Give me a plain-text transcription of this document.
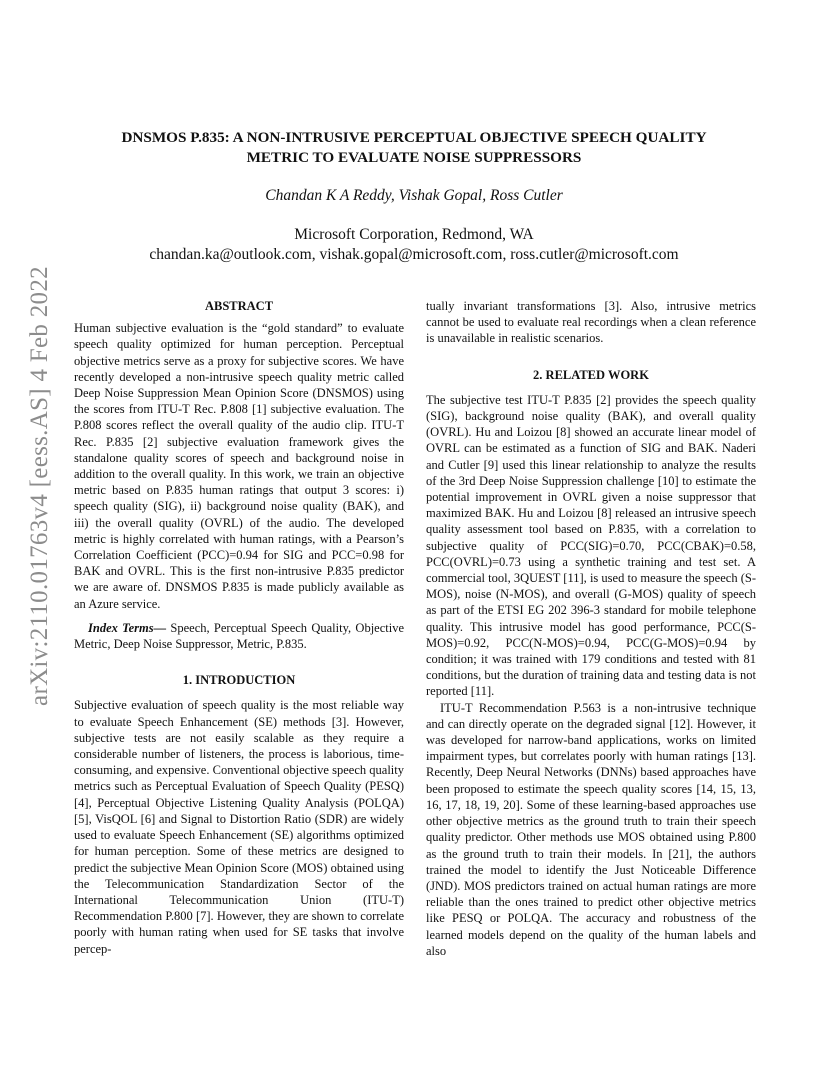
arXiv:2110.01763v4 [eess.AS] 4 Feb 2022
DNSMOS P.835: A NON-INTRUSIVE PERCEPTUAL OBJECTIVE SPEECH QUALITY
METRIC TO EVALUATE NOISE SUPPRESSORS
Chandan K A Reddy, Vishak Gopal, Ross Cutler
Microsoft Corporation, Redmond, WA
chandan.ka@outlook.com, vishak.gopal@microsoft.com, ross.cutler@microsoft.com
ABSTRACT

Human subjective evaluation is the “gold standard” to evaluate speech quality optimized for human perception. Perceptual objective metrics serve as a proxy for subjective scores. We have recently developed a non-intrusive speech quality metric called Deep Noise Suppression Mean Opinion Score (DNSMOS) using the scores from ITU-T Rec. P.808 [1] subjective evaluation. The P.808 scores reflect the overall quality of the audio clip. ITU-T Rec. P.835 [2] subjective evaluation framework gives the standalone quality scores of speech and background noise in addition to the overall quality. In this work, we train an objective metric based on P.835 human ratings that output 3 scores: i) speech quality (SIG), ii) background noise quality (BAK), and iii) the overall quality (OVRL) of the audio. The developed metric is highly correlated with human ratings, with a Pearson’s Correlation Coefficient (PCC)=0.94 for SIG and PCC=0.98 for BAK and OVRL. This is the first non-intrusive P.835 predictor we are aware of. DNSMOS P.835 is made publicly available as an Azure service.

Index Terms— Speech, Perceptual Speech Quality, Objective Metric, Deep Noise Suppressor, Metric, P.835.

1. INTRODUCTION

Subjective evaluation of speech quality is the most reliable way to evaluate Speech Enhancement (SE) methods [3]. However, subjective tests are not easily scalable as they require a considerable number of listeners, the process is laborious, time-consuming, and expensive. Conventional objective speech quality metrics such as Perceptual Evaluation of Speech Quality (PESQ) [4], Perceptual Objective Listening Quality Analysis (POLQA) [5], VisQOL [6] and Signal to Distortion Ratio (SDR) are widely used to evaluate Speech Enhancement (SE) algorithms optimized for human perception. Some of these metrics are designed to predict the subjective Mean Opinion Score (MOS) obtained using the Telecommunication Standardization Sector of the International Telecommunication Union (ITU-T) Recommendation P.800 [7]. However, they are shown to correlate poorly with human rating when used for SE tasks that involve percep-

tually invariant transformations [3]. Also, intrusive metrics cannot be used to evaluate real recordings when a clean reference is unavailable in realistic scenarios.

2. RELATED WORK

The subjective test ITU-T P.835 [2] provides the speech quality (SIG), background noise quality (BAK), and overall quality (OVRL). Hu and Loizou [8] showed an accurate linear model of OVRL can be estimated as a function of SIG and BAK. Naderi and Cutler [9] used this linear relationship to analyze the results of the 3rd Deep Noise Suppression challenge [10] to estimate the potential improvement in OVRL given a noise suppressor that maximized BAK. Hu and Loizou [8] released an intrusive speech quality assessment tool based on P.835, with a correlation to subjective quality of PCC(SIG)=0.70, PCC(CBAK)=0.58, PCC(OVRL)=0.73 using a synthetic training and test set. A commercial tool, 3QUEST [11], is used to measure the speech (S-MOS), noise (N-MOS), and overall (G-MOS) quality of speech as part of the ETSI EG 202 396-3 standard for mobile telephone quality. This intrusive model has good performance, PCC(S-MOS)=0.92, PCC(N-MOS)=0.94, PCC(G-MOS)=0.94 by condition; it was trained with 179 conditions and tested with 81 conditions, but the duration of training data and testing data is not reported [11].

ITU-T Recommendation P.563 is a non-intrusive technique and can directly operate on the degraded signal [12]. However, it was developed for narrow-band applications, works on limited impairment types, but correlates poorly with human ratings [13]. Recently, Deep Neural Networks (DNNs) based approaches have been proposed to estimate the speech quality scores [14, 15, 13, 16, 17, 18, 19, 20]. Some of these learning-based approaches use other objective metrics as the ground truth to train their speech quality predictor. Other methods use MOS obtained using P.800 as the ground truth to train their models. In [21], the authors trained the model to identify the Just Noticeable Difference (JND). MOS predictors trained on actual human ratings are more reliable than the ones trained to predict other objective metrics like PESQ or POLQA. The accuracy and robustness of the learned models depend on the quality of the human labels and also
